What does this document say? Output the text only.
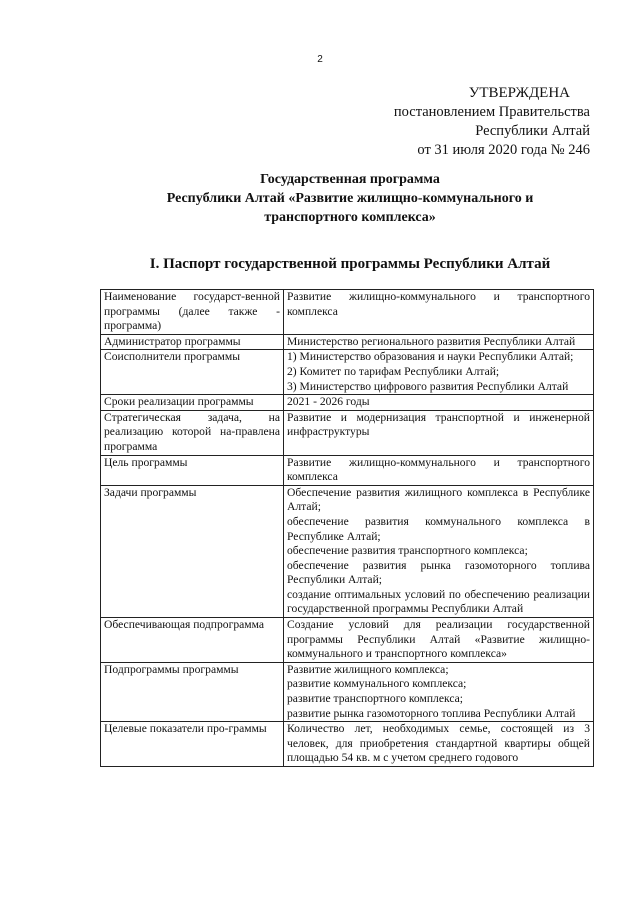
2
УТВЕРЖДЕНА
постановлением Правительства
Республики Алтай
от 31 июля 2020 года № 246
Государственная программа
Республики Алтай «Развитие жилищно-коммунального и
транспортного комплекса»
I. Паспорт государственной программы Республики Алтай
Наименование государст-венной программы (далее также - программа)	Развитие жилищно-коммунального и транспортного комплекса

Администратор программы	Министерство регионального развития Республики Алтай

Соисполнители программы	1) Министерство образования и науки Республики Алтай;
2) Комитет по тарифам Республики Алтай;
3) Министерство цифрового развития Республики Алтай

Сроки реализации программы	2021 - 2026 годы

Стратегическая задача, на реализацию которой на-правлена программа	Развитие и модернизация транспортной и инженерной инфраструктуры

Цель программы	Развитие жилищно-коммунального и транспортного комплекса

Задачи программы	Обеспечение развития жилищного комплекса в Республике Алтай;
обеспечение развития коммунального комплекса в Республике Алтай;
обеспечение развития транспортного комплекса;
обеспечение развития рынка газомоторного топлива Республики Алтай;
создание оптимальных условий по обеспечению реализации государственной программы Республики Алтай

Обеспечивающая подпрограмма	Создание условий для реализации государственной программы Республики Алтай «Развитие жилищно-коммунального и транспортного комплекса»

Подпрограммы программы	Развитие жилищного комплекса;
развитие коммунального комплекса;
развитие транспортного комплекса;
развитие рынка газомоторного топлива Республики Алтай

Целевые показатели про-граммы	Количество лет, необходимых семье, состоящей из 3 человек, для приобретения стандартной квартиры общей площадью 54 кв. м с учетом среднего годового
